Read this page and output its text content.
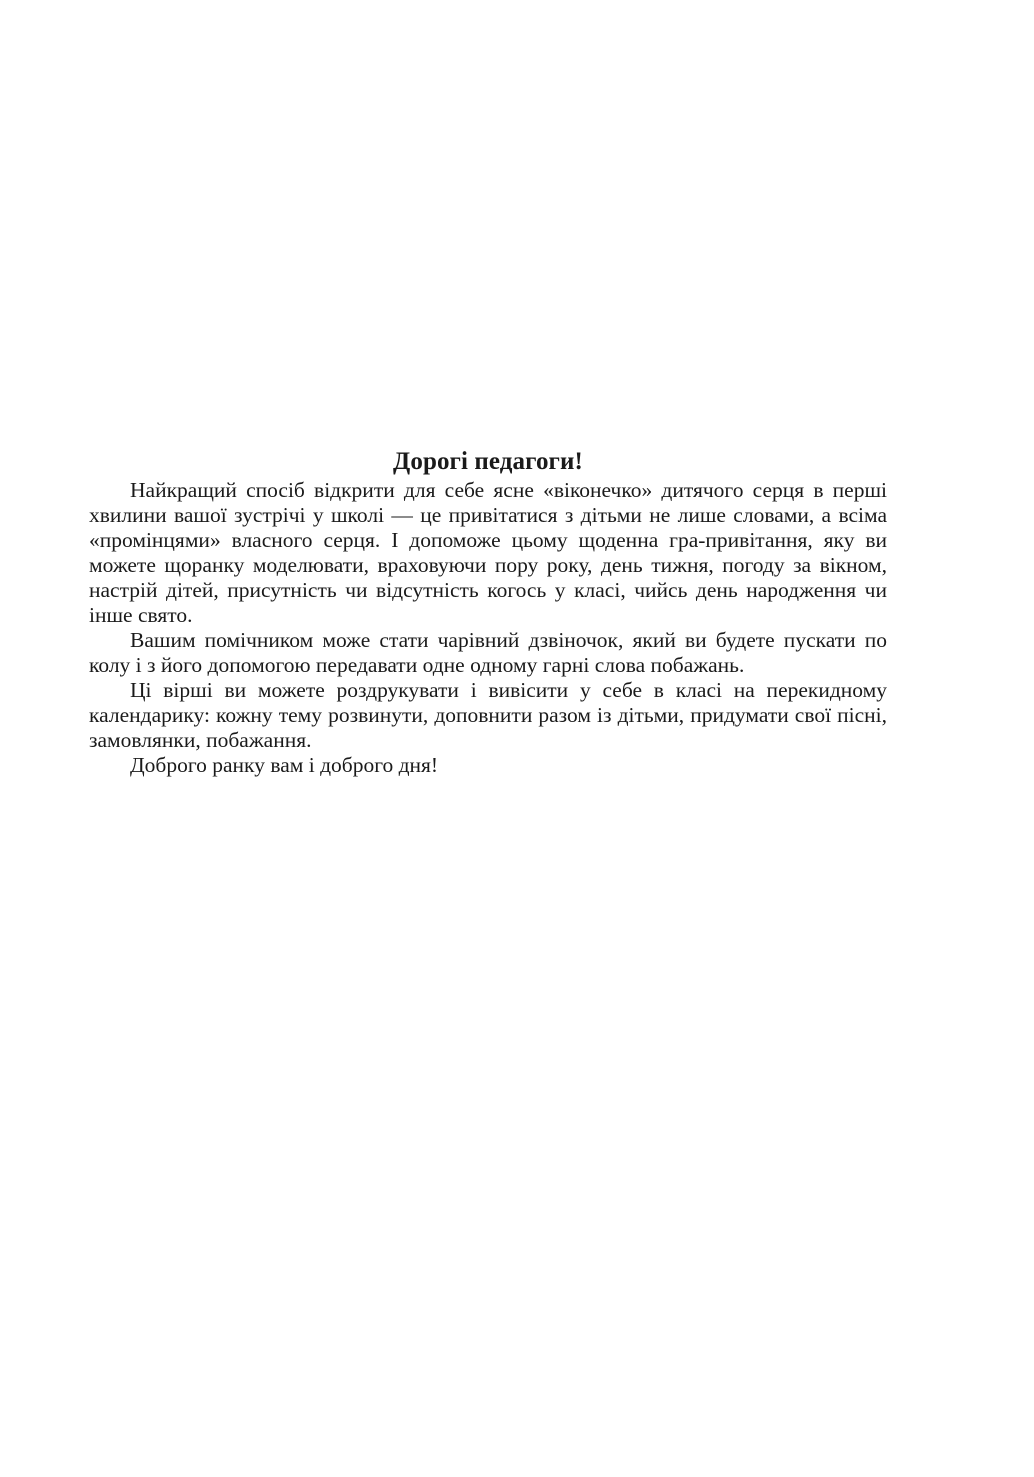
Дорогі педагоги!

Найкращий спосіб відкрити для себе ясне «віконечко» дитячого серця в перші хвилини вашої зустрічі у школі — це привітатися з дітьми не лише словами, а всіма «промінцями» власного серця. І допоможе цьому щоденна гра-привітання, яку ви можете щоранку моделювати, враховуючи пору року, день тижня, погоду за вікном, настрій дітей, присутність чи відсутність когось у класі, чийсь день народження чи інше свято.

Вашим помічником може стати чарівний дзвіночок, який ви будете пускати по колу і з його допомогою передавати одне одному гарні слова побажань.

Ці вірші ви можете роздрукувати і вивісити у себе в класі на перекидному календарику: кожну тему розвинути, доповнити разом із дітьми, придумати свої пісні, замовлянки, побажання.

Доброго ранку вам і доброго дня!
